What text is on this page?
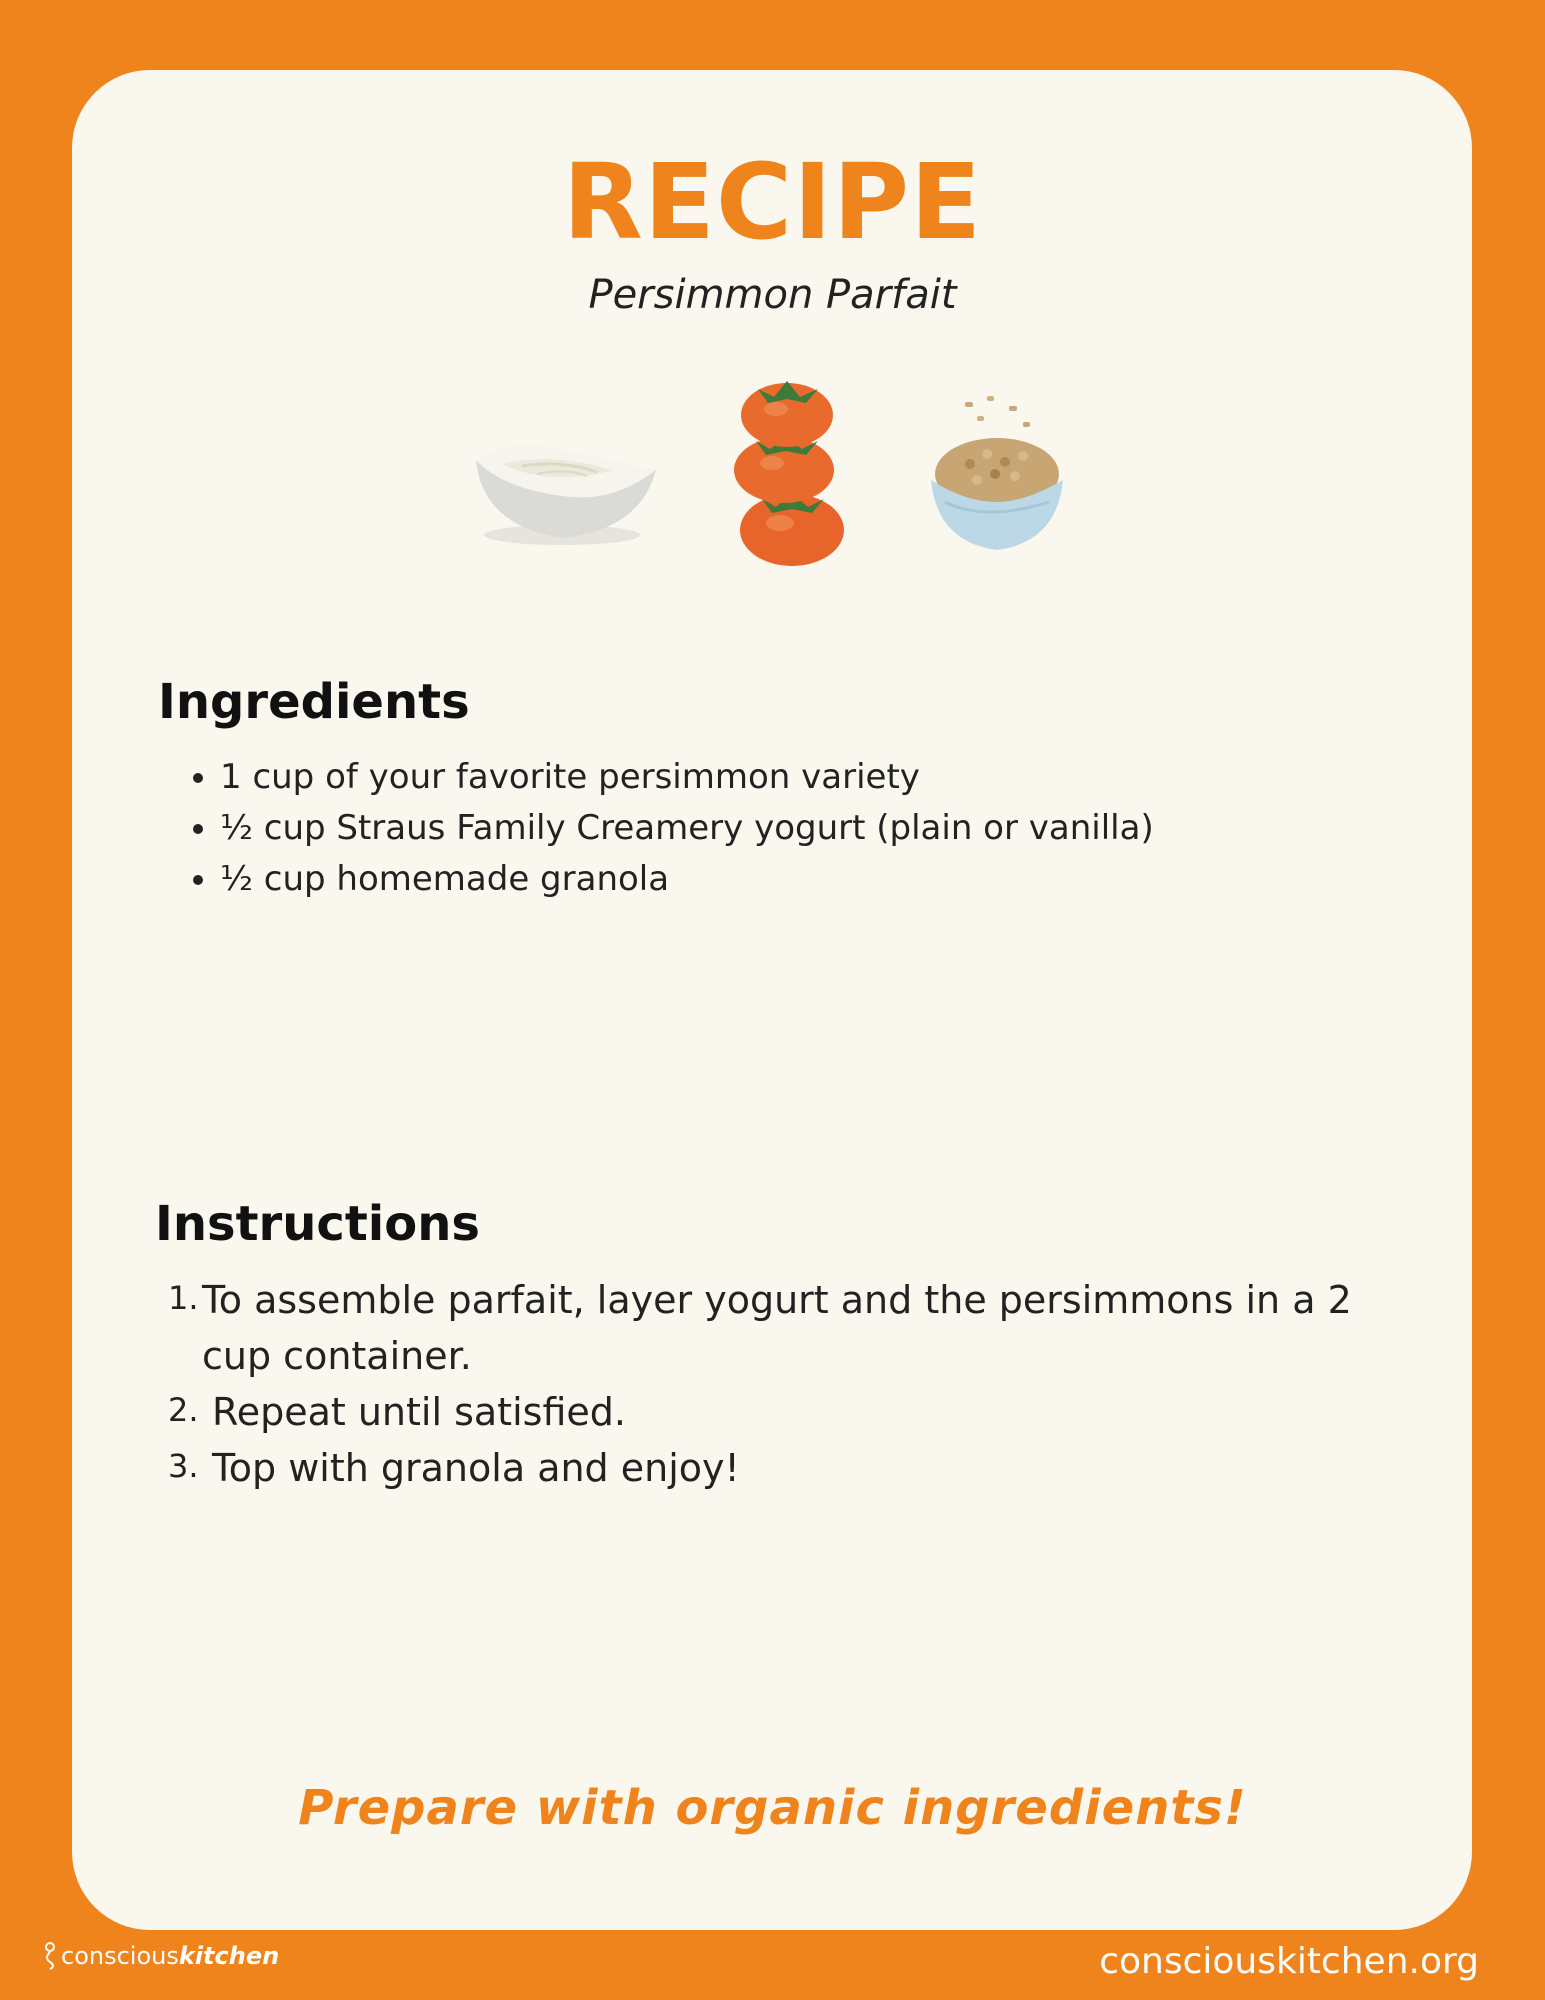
RECIPE

Persimmon Parfait

Ingredients
1 cup of your favorite persimmon variety
½ cup Straus Family Creamery yogurt (plain or vanilla)
½ cup homemade granola
Instructions
1. To assemble parfait, layer yogurt and the persimmons in a 2
cup container.
2. Repeat until satisfied.
3. Top with granola and enjoy!

Prepare with organic ingredients!

conscious kitchen	consciouskitchen.org
